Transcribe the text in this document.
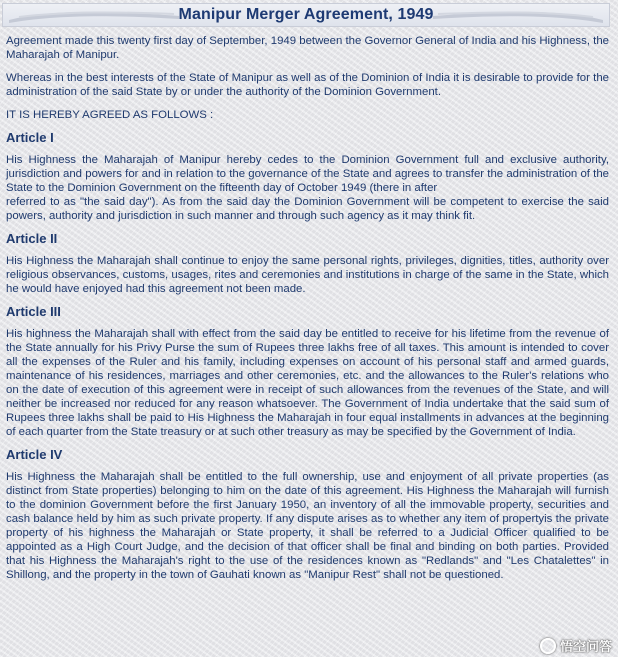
Manipur Merger Agreement, 1949

Agreement made this twenty first day of September, 1949 between the Governor General of India and his Highness, the Maharajah of Manipur.

Whereas in the best interests of the State of Manipur as well as of the Dominion of India it is desirable to provide for the administration of the said State by or under the authority of the Dominion Government.

IT IS HEREBY AGREED AS FOLLOWS :

Article I

His Highness the Maharajah of Manipur hereby cedes to the Dominion Government full and exclusive authority, jurisdiction and powers for and in relation to the governance of the State and agrees to transfer the administration of the State to the Dominion Government on the fifteenth day of October 1949 (there in after
referred to as "the said day"). As from the said day the Dominion Government will be competent to exercise the said powers, authority and jurisdiction in such manner and through such agency as it may think fit.

Article II

His Highness the Maharajah shall continue to enjoy the same personal rights, privileges, dignities, titles, authority over religious observances, customs, usages, rites and ceremonies and institutions in charge of the same in the State, which he would have enjoyed had this agreement not been made.

Article III

His highness the Maharajah shall with effect from the said day be entitled to receive for his lifetime from the revenue of the State annually for his Privy Purse the sum of Rupees three lakhs free of all taxes. This amount is intended to cover all the expenses of the Ruler and his family, including expenses on account of his personal staff and armed guards, maintenance of his residences, marriages and other ceremonies, etc. and the allowances to the Ruler's relations who on the date of execution of this agreement were in receipt of such allowances from the revenues of the State, and will neither be increased nor reduced for any reason whatsoever. The Government of India undertake that the said sum of Rupees three lakhs shall be paid to His Highness the Maharajah in four equal installments in advances at the beginning of each quarter from the State treasury or at such other treasury as may be specified by the Government of India.

Article IV

His Highness the Maharajah shall be entitled to the full ownership, use and enjoyment of all private properties (as distinct from State properties) belonging to him on the date of this agreement. His Highness the Maharajah will furnish to the dominion Government before the first January 1950, an inventory of all the immovable property, securities and cash balance held by him as such private property. If any dispute arises as to whether any item of propertyis the private property of his highness the Maharajah or State property, it shall be referred to a Judicial Officer qualified to be appointed as a High Court Judge, and the decision of that officer shall be final and binding on both parties. Provided that his Highness the Maharajah's right to the use of the residences known as "Redlands" and "Les Chatalettes" in Shillong, and the property in the town of Gauhati known as "Manipur Rest" shall not be questioned.

悟空问答
